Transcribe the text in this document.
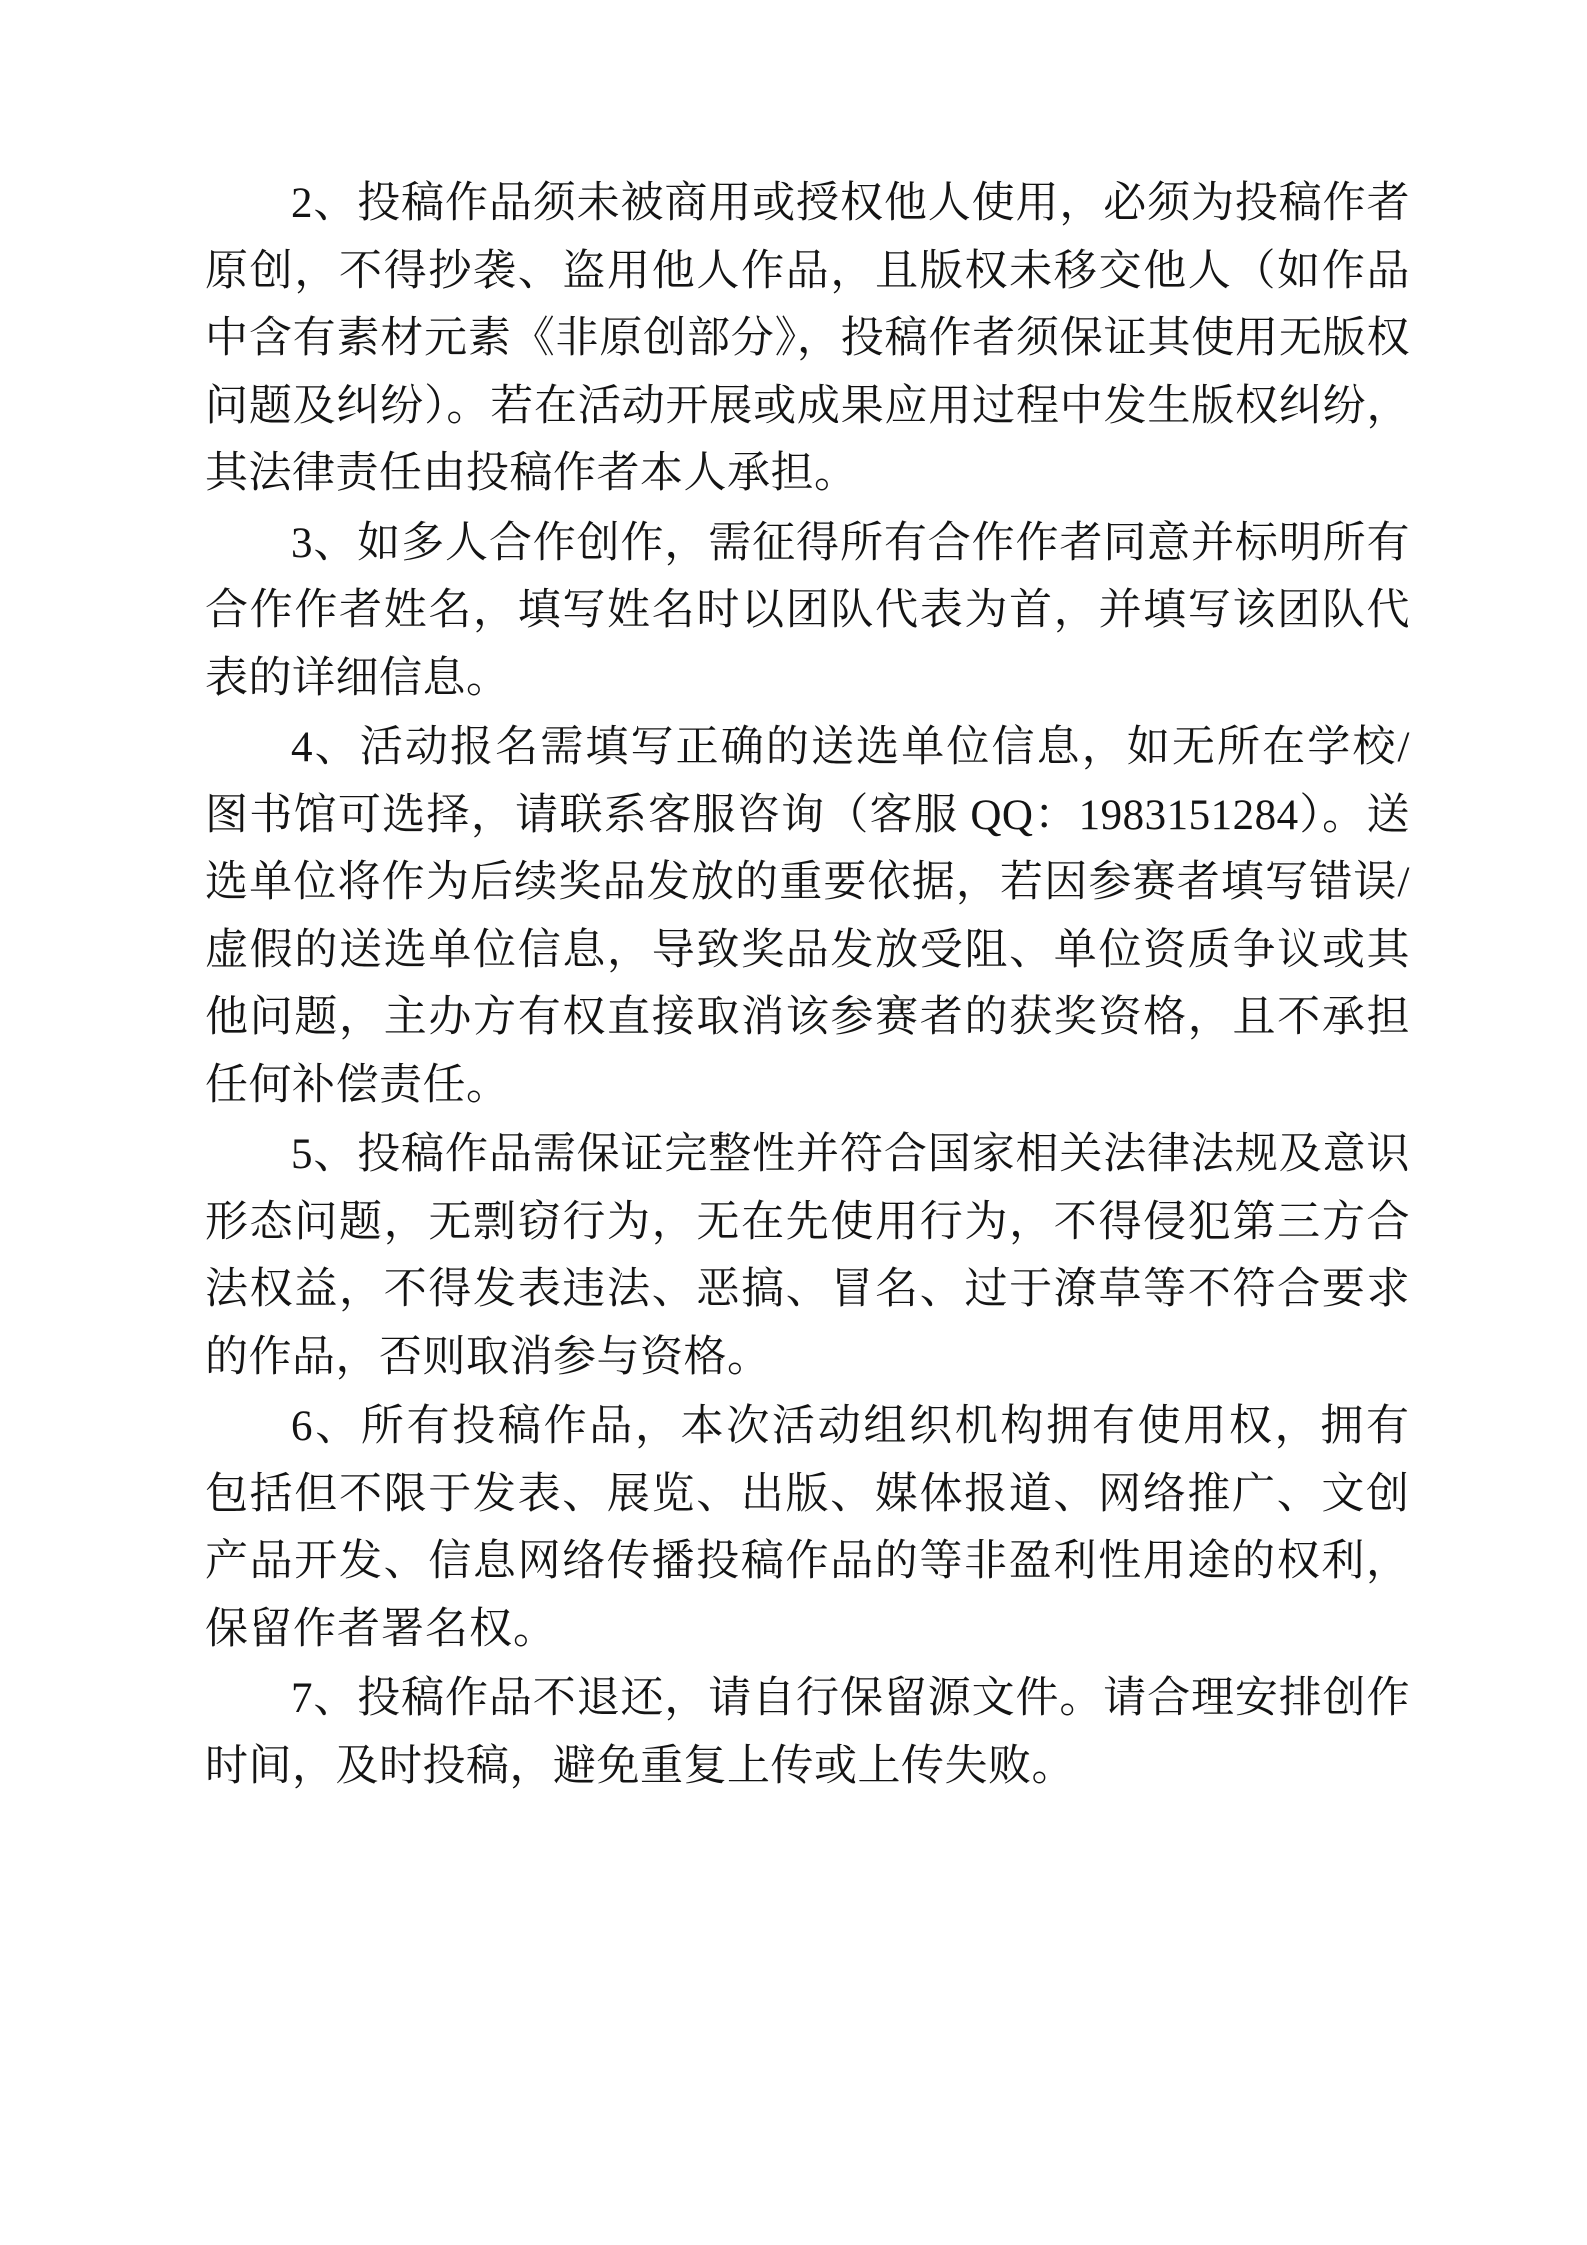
2、投稿作品须未被商用或授权他人使用，必须为投稿作者原创，不得抄袭、盗用他人作品，且版权未移交他人（如作品中含有素材元素《非原创部分》，投稿作者须保证其使用无版权问题及纠纷）。若在活动开展或成果应用过程中发生版权纠纷，其法律责任由投稿作者本人承担。

3、如多人合作创作，需征得所有合作作者同意并标明所有合作作者姓名，填写姓名时以团队代表为首，并填写该团队代表的详细信息。

4、活动报名需填写正确的送选单位信息，如无所在学校/图书馆可选择，请联系客服咨询（客服 QQ：1983151284）。送选单位将作为后续奖品发放的重要依据，若因参赛者填写错误/虚假的送选单位信息，导致奖品发放受阻、单位资质争议或其他问题，主办方有权直接取消该参赛者的获奖资格，且不承担任何补偿责任。

5、投稿作品需保证完整性并符合国家相关法律法规及意识形态问题，无剽窃行为，无在先使用行为，不得侵犯第三方合法权益，不得发表违法、恶搞、冒名、过于潦草等不符合要求的作品，否则取消参与资格。

6、所有投稿作品，本次活动组织机构拥有使用权，拥有包括但不限于发表、展览、出版、媒体报道、网络推广、文创产品开发、信息网络传播投稿作品的等非盈利性用途的权利，保留作者署名权。

7、投稿作品不退还，请自行保留源文件。请合理安排创作时间，及时投稿，避免重复上传或上传失败。
